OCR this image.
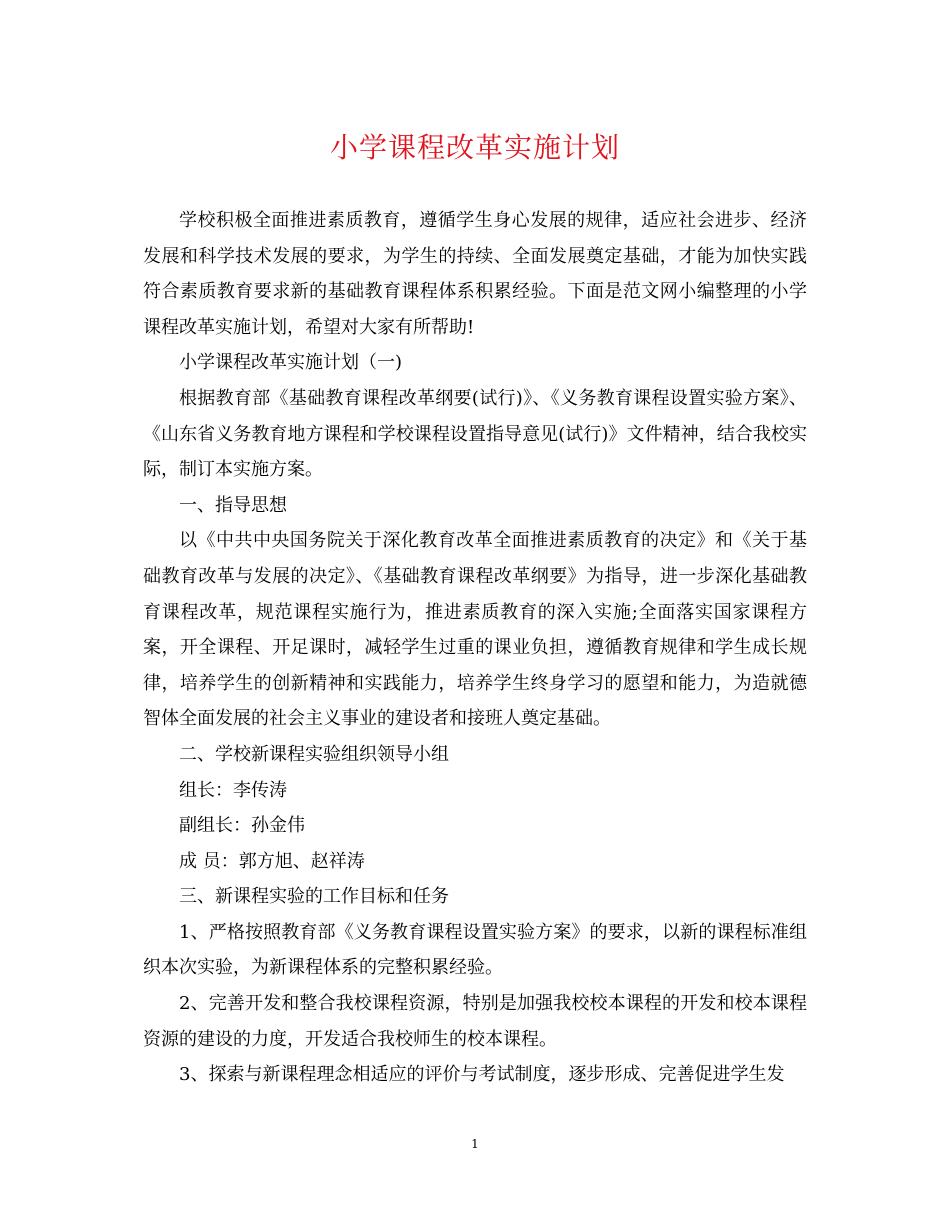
小学课程改革实施计划

学校积极全面推进素质教育，遵循学生身心发展的规律，适应社会进步、经济发展和科学技术发展的要求，为学生的持续、全面发展奠定基础，才能为加快实践符合素质教育要求新的基础教育课程体系积累经验。下面是范文网小编整理的小学课程改革实施计划，希望对大家有所帮助!

小学课程改革实施计划（一)

根据教育部《基础教育课程改革纲要(试行)》、《义务教育课程设置实验方案》、《山东省义务教育地方课程和学校课程设置指导意见(试行)》文件精神，结合我校实际，制订本实施方案。

一、指导思想

以《中共中央国务院关于深化教育改革全面推进素质教育的决定》和《关于基础教育改革与发展的决定》、《基础教育课程改革纲要》为指导，进一步深化基础教育课程改革，规范课程实施行为，推进素质教育的深入实施;全面落实国家课程方案，开全课程、开足课时，减轻学生过重的课业负担，遵循教育规律和学生成长规律，培养学生的创新精神和实践能力，培养学生终身学习的愿望和能力，为造就德智体全面发展的社会主义事业的建设者和接班人奠定基础。

二、学校新课程实验组织领导小组

组长：李传涛

副组长：孙金伟

成 员：郭方旭、赵祥涛

三、新课程实验的工作目标和任务

1、严格按照教育部《义务教育课程设置实验方案》的要求，以新的课程标准组织本次实验，为新课程体系的完整积累经验。

2、完善开发和整合我校课程资源，特别是加强我校校本课程的开发和校本课程资源的建设的力度，开发适合我校师生的校本课程。

3、探索与新课程理念相适应的评价与考试制度，逐步形成、完善促进学生发

1
